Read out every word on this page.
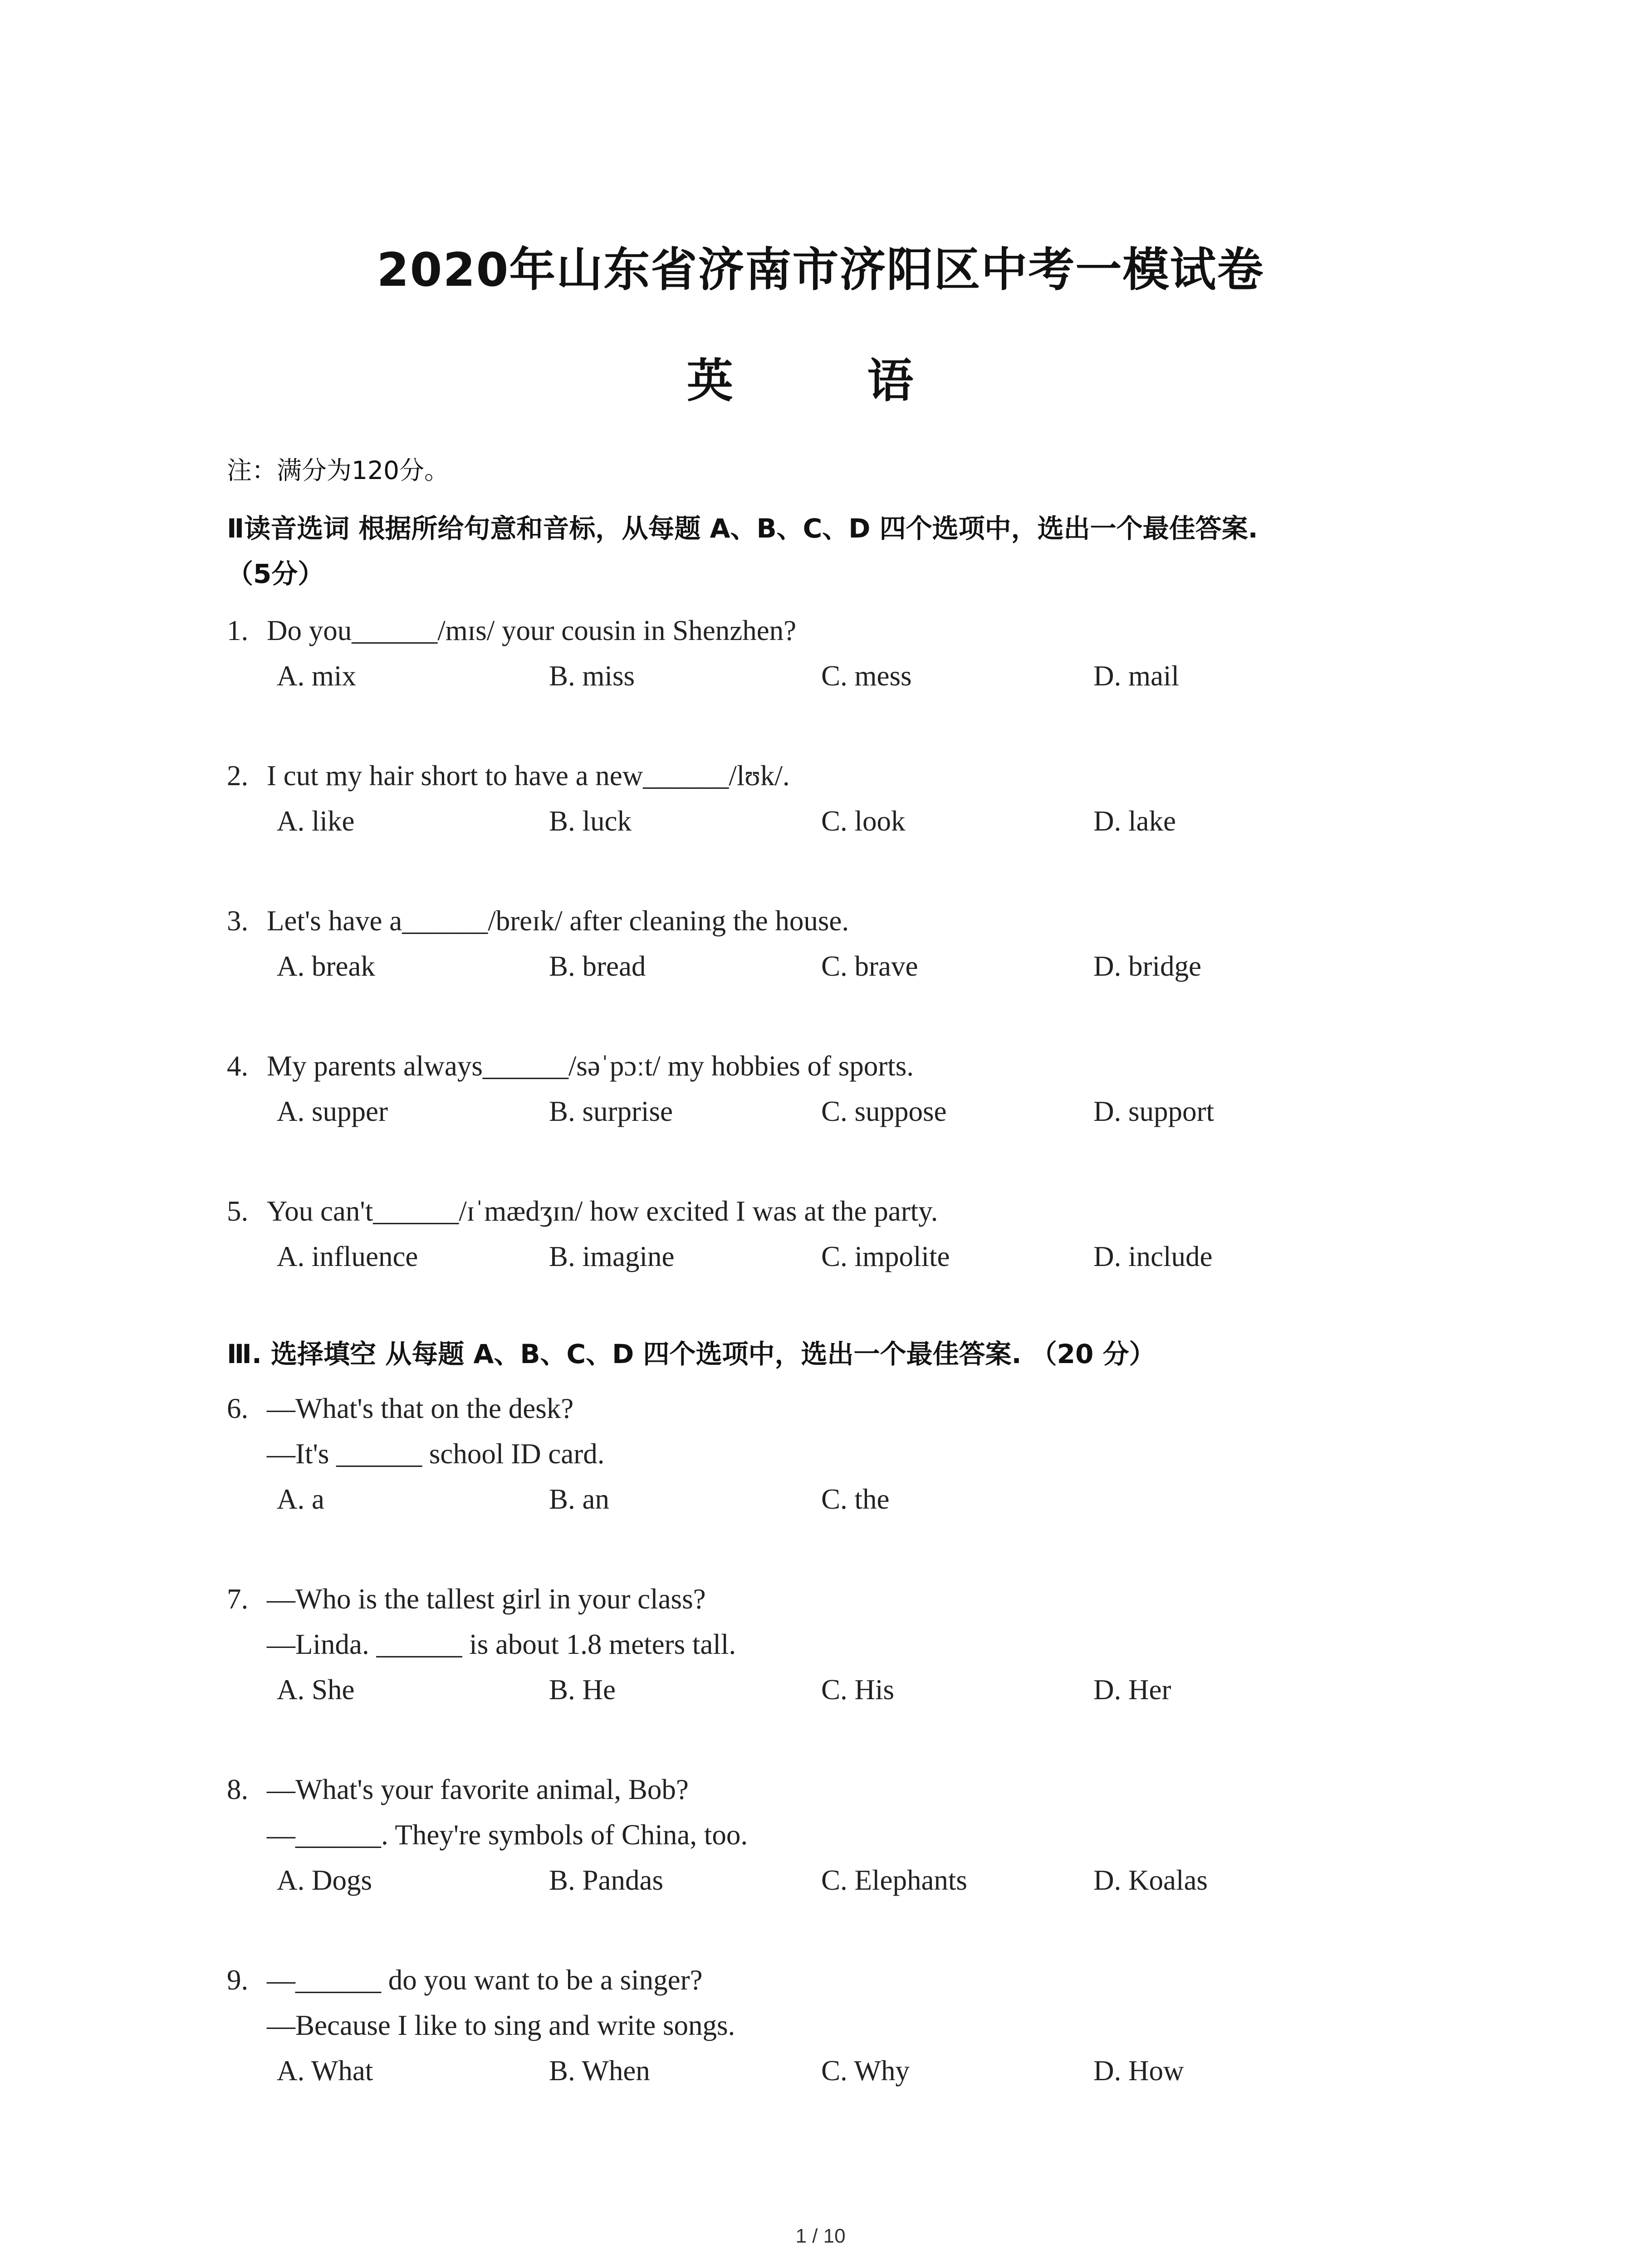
2020年山东省济南市济阳区中考一模试卷
英 语
注：满分为120分。
Ⅱ读音选词 根据所给句意和音标，从每题 A、B、C、D 四个选项中，选出一个最佳答案.
（5分）
1. Do you______/mɪs/ your cousin in Shenzhen?
A. mix	B. miss	C. mess	D. mail
2. I cut my hair short to have a new______/lʊk/.
A. like	B. luck	C. look	D. lake
3. Let's have a______/breɪk/ after cleaning the house.
A. break	B. bread	C. brave	D. bridge
4. My parents always______/səˈpɔːt/ my hobbies of sports.
A. supper	B. surprise	C. suppose	D. support
5. You can't______/ɪˈmædʒɪn/ how excited I was at the party.
A. influence	B. imagine	C. impolite	D. include
Ⅲ. 选择填空 从每题 A、B、C、D 四个选项中，选出一个最佳答案. （20 分）
6. —What's that on the desk?
—It's ______ school ID card.
A. a	B. an	C. the
7. —Who is the tallest girl in your class?
—Linda. ______ is about 1.8 meters tall.
A. She	B. He	C. His	D. Her
8. —What's your favorite animal, Bob?
—______. They're symbols of China, too.
A. Dogs	B. Pandas	C. Elephants	D. Koalas
9. —______ do you want to be a singer?
—Because I like to sing and write songs.
A. What	B. When	C. Why	D. How
1 / 10
